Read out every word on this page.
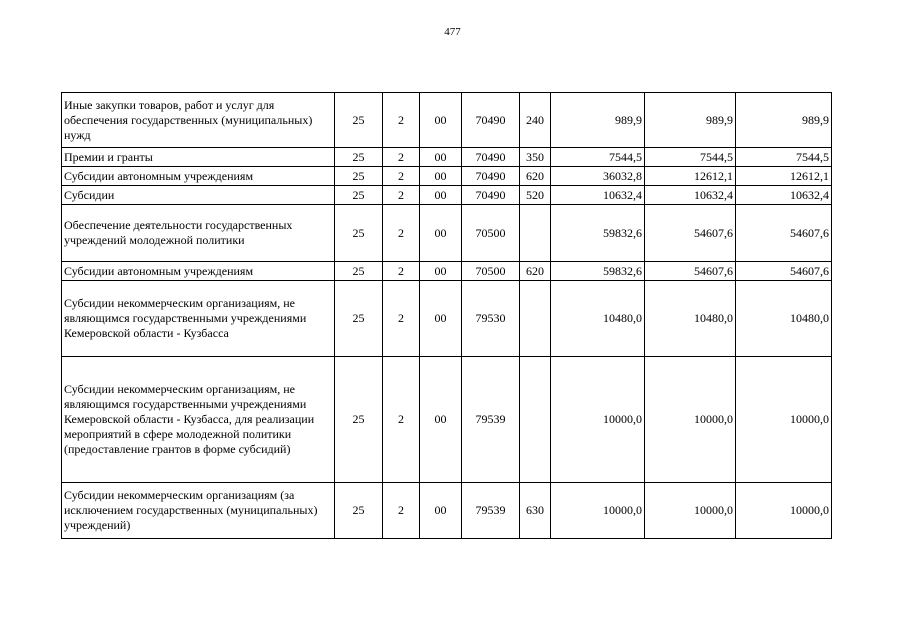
477
Иные закупки товаров, работ и услуг для обеспечения государственных (муниципальных) нужд	25	2	00	70490	240	989,9	989,9	989,9
Премии и гранты	25	2	00	70490	350	7544,5	7544,5	7544,5
Субсидии автономным учреждениям	25	2	00	70490	620	36032,8	12612,1	12612,1
Субсидии	25	2	00	70490	520	10632,4	10632,4	10632,4
Обеспечение деятельности государственных учреждений молодежной политики	25	2	00	70500		59832,6	54607,6	54607,6
Субсидии автономным учреждениям	25	2	00	70500	620	59832,6	54607,6	54607,6
Субсидии некоммерческим организациям, не являющимся государственными учреждениями Кемеровской области - Кузбасса	25	2	00	79530		10480,0	10480,0	10480,0
Субсидии некоммерческим организациям, не являющимся государственными учреждениями Кемеровской области - Кузбасса, для реализации мероприятий в сфере молодежной политики (предоставление грантов в форме субсидий)	25	2	00	79539		10000,0	10000,0	10000,0
Субсидии некоммерческим организациям (за исключением государственных (муниципальных) учреждений)	25	2	00	79539	630	10000,0	10000,0	10000,0
